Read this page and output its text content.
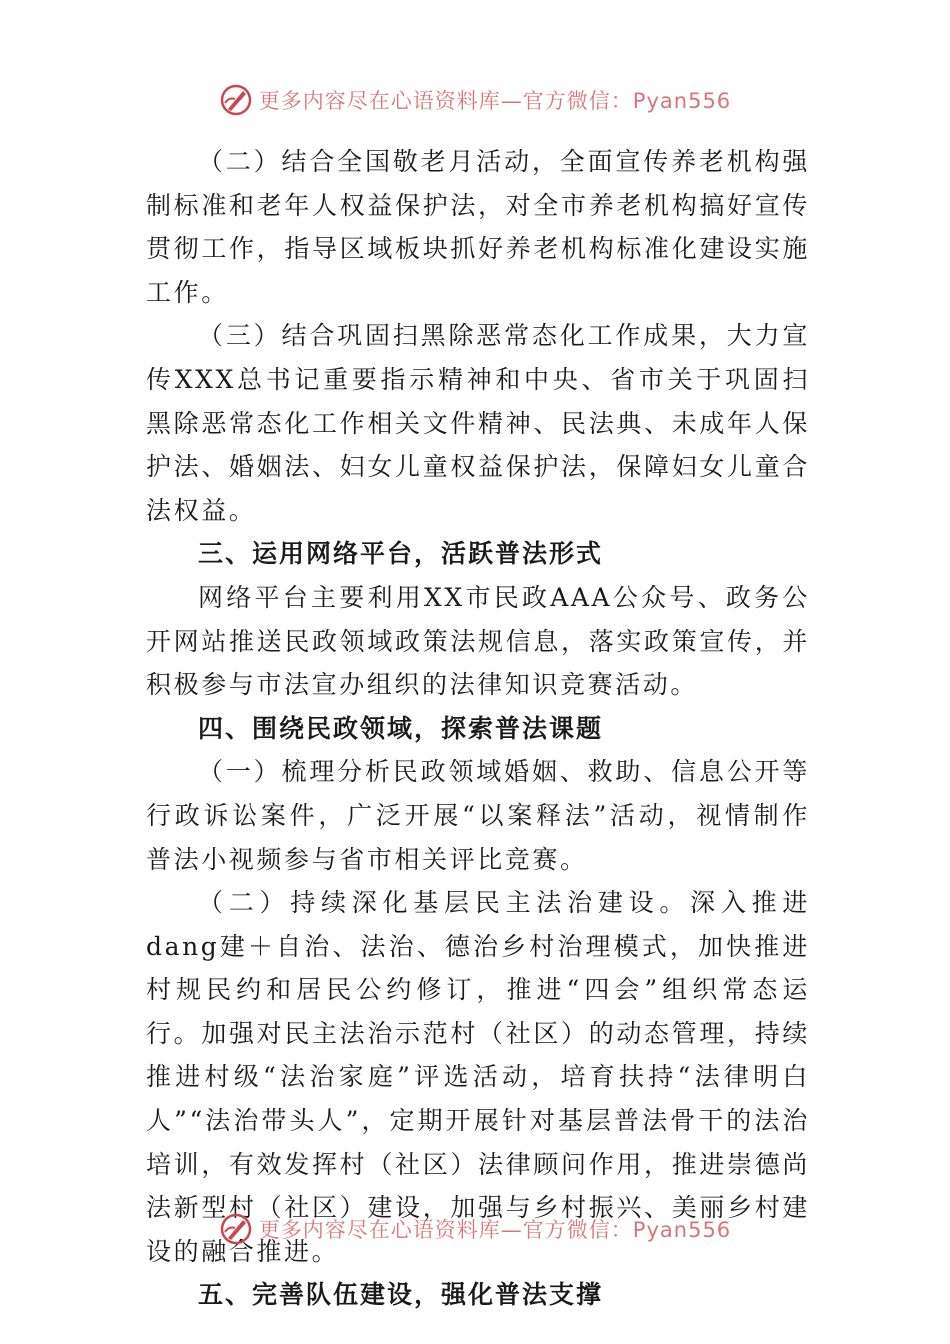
更多内容尽在心语资料库—官方微信：Pyan556

（二）结合全国敬老月活动，全面宣传养老机构强制标准和老年人权益保护法，对全市养老机构搞好宣传贯彻工作，指导区域板块抓好养老机构标准化建设实施工作。

（三）结合巩固扫黑除恶常态化工作成果，大力宣传XXX总书记重要指示精神和中央、省市关于巩固扫黑除恶常态化工作相关文件精神、民法典、未成年人保护法、婚姻法、妇女儿童权益保护法，保障妇女儿童合法权益。

三、运用网络平台，活跃普法形式

网络平台主要利用XX市民政AAA公众号、政务公开网站推送民政领域政策法规信息，落实政策宣传，并积极参与市法宣办组织的法律知识竞赛活动。

四、围绕民政领域，探索普法课题

（一）梳理分析民政领域婚姻、救助、信息公开等行政诉讼案件，广泛开展“以案释法”活动，视情制作普法小视频参与省市相关评比竞赛。

（二）持续深化基层民主法治建设。深入推进dang建＋自治、法治、德治乡村治理模式，加快推进村规民约和居民公约修订，推进“四会”组织常态运行。加强对民主法治示范村（社区）的动态管理，持续推进村级“法治家庭”评选活动，培育扶持“法律明白人”“法治带头人”，定期开展针对基层普法骨干的法治培训，有效发挥村（社区）法律顾问作用，推进崇德尚法新型村（社区）建设，加强与乡村振兴、美丽乡村建设的融合推进。

五、完善队伍建设，强化普法支撑

更多内容尽在心语资料库—官方微信：Pyan556
